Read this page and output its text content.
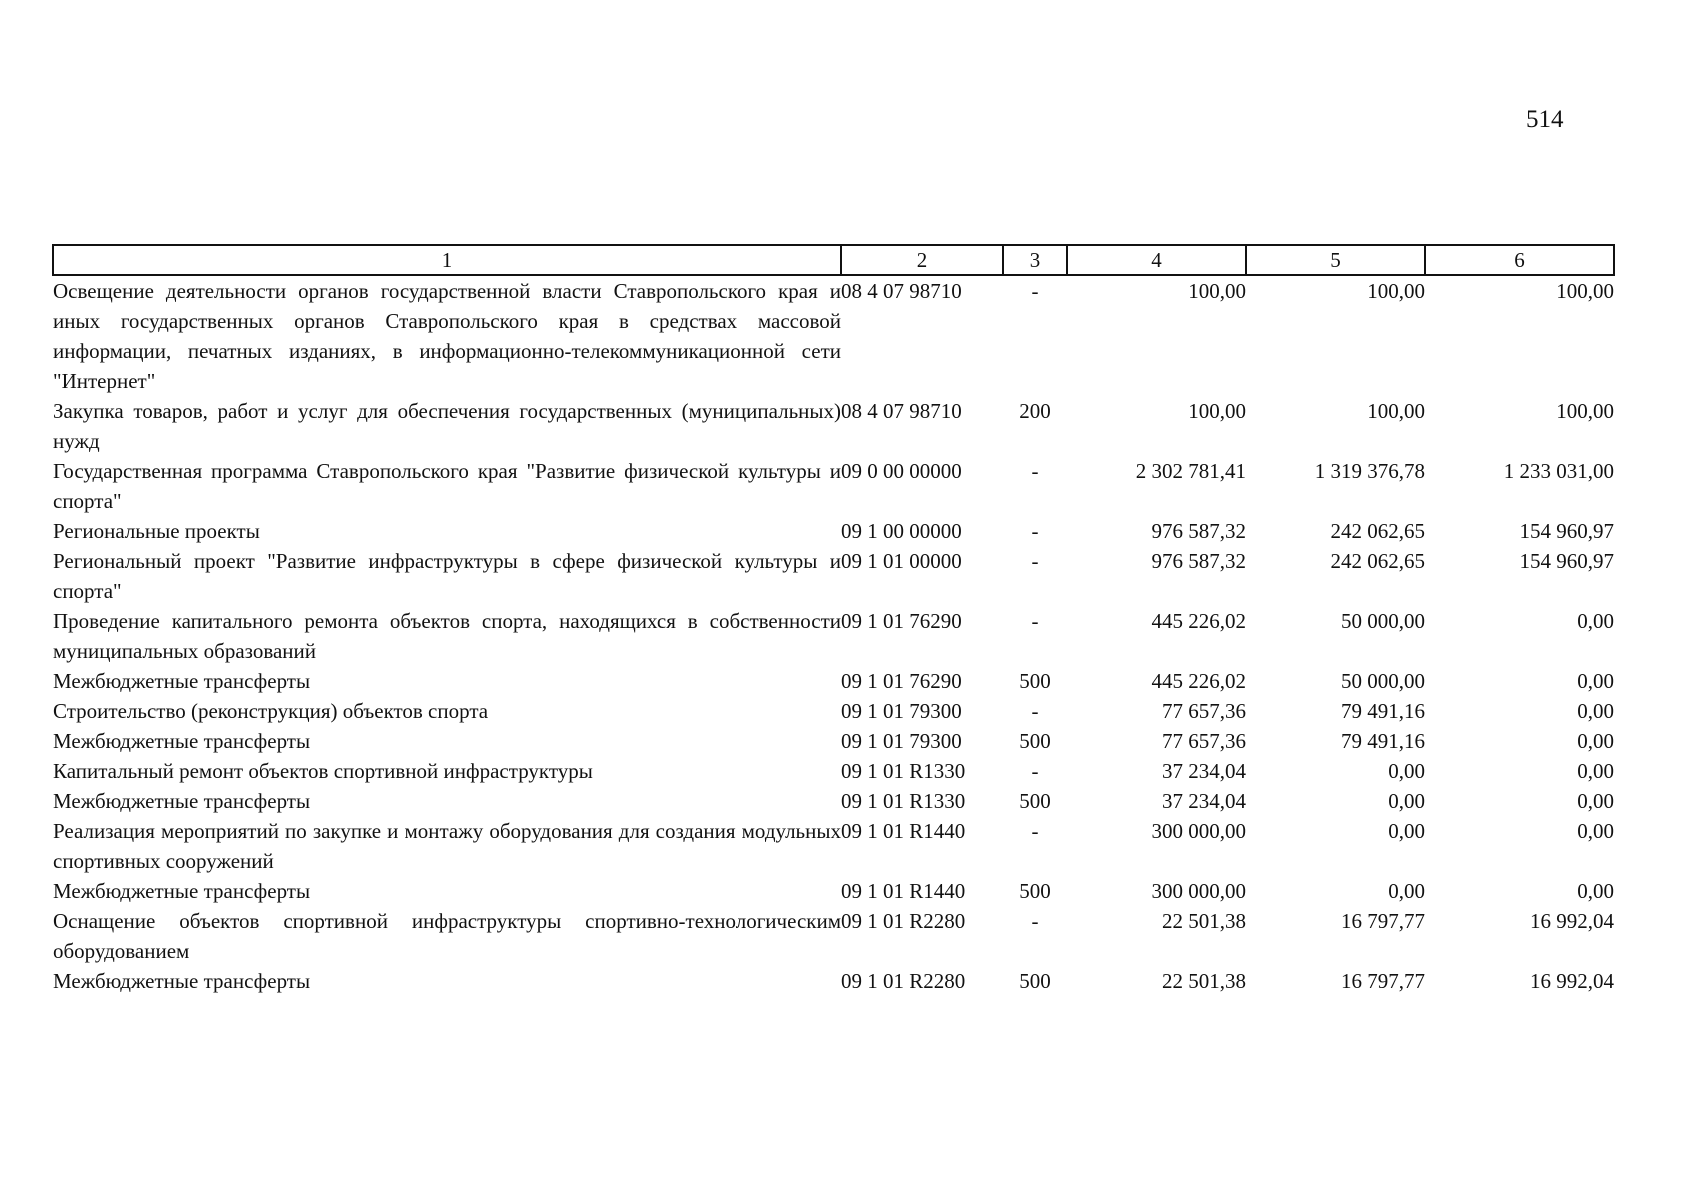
514
1	2	3	4	5	6
Освещение деятельности органов государственной власти Ставропольского края и иных государственных органов Ставропольского края в средствах массовой информации, печатных изданиях, в информационно-телекоммуникационной сети "Интернет"	08 4 07 98710	-	100,00	100,00	100,00
Закупка товаров, работ и услуг для обеспечения государственных (муниципальных) нужд	08 4 07 98710	200	100,00	100,00	100,00
Государственная программа Ставропольского края "Развитие физической культуры и спорта"	09 0 00 00000	-	2 302 781,41	1 319 376,78	1 233 031,00
Региональные проекты	09 1 00 00000	-	976 587,32	242 062,65	154 960,97
Региональный проект "Развитие инфраструктуры в сфере физической культуры и спорта"	09 1 01 00000	-	976 587,32	242 062,65	154 960,97
Проведение капитального ремонта объектов спорта, находящихся в собственности муниципальных образований	09 1 01 76290	-	445 226,02	50 000,00	0,00
Межбюджетные трансферты	09 1 01 76290	500	445 226,02	50 000,00	0,00
Строительство (реконструкция) объектов спорта	09 1 01 79300	-	77 657,36	79 491,16	0,00
Межбюджетные трансферты	09 1 01 79300	500	77 657,36	79 491,16	0,00
Капитальный ремонт объектов спортивной инфраструктуры	09 1 01 R1330	-	37 234,04	0,00	0,00
Межбюджетные трансферты	09 1 01 R1330	500	37 234,04	0,00	0,00
Реализация мероприятий по закупке и монтажу оборудования для создания модульных спортивных сооружений	09 1 01 R1440	-	300 000,00	0,00	0,00
Межбюджетные трансферты	09 1 01 R1440	500	300 000,00	0,00	0,00
Оснащение объектов спортивной инфраструктуры спортивно-технологическим оборудованием	09 1 01 R2280	-	22 501,38	16 797,77	16 992,04
Межбюджетные трансферты	09 1 01 R2280	500	22 501,38	16 797,77	16 992,04
